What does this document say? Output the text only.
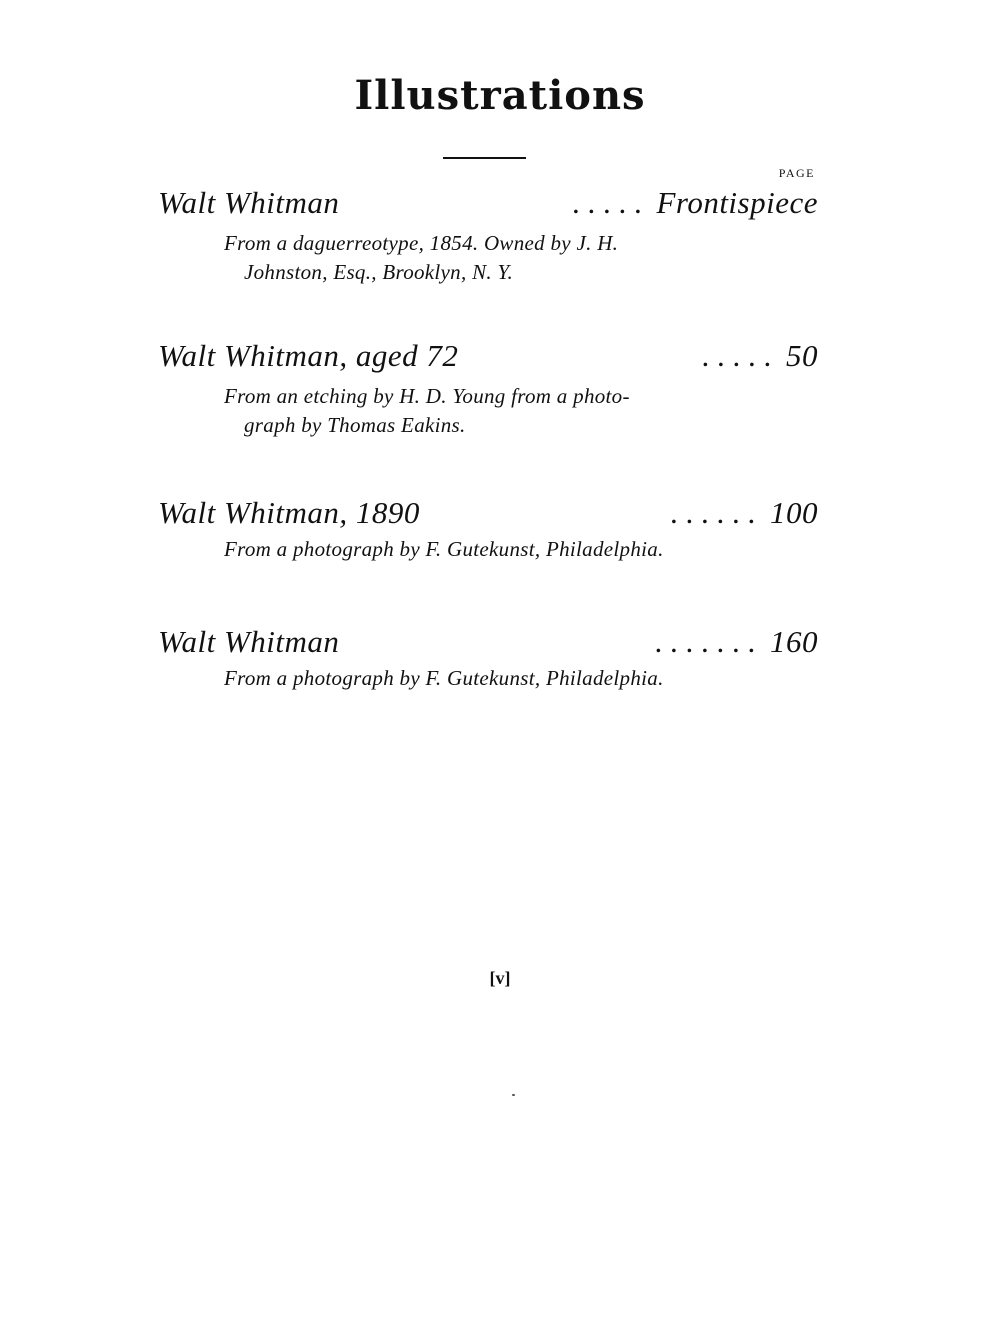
Illustrations
PAGE
Walt Whitman	. . . . . Frontispiece
From a daguerreotype, 1854. Owned by J. H.
Johnston, Esq., Brooklyn, N. Y.
Walt Whitman, aged 72	. . . . . 50
From an etching by H. D. Young from a photo-
graph by Thomas Eakins.
Walt Whitman, 1890	. . . . . . 100
From a photograph by F. Gutekunst, Philadelphia.
Walt Whitman	. . . . . . . 160
From a photograph by F. Gutekunst, Philadelphia.
[v]
